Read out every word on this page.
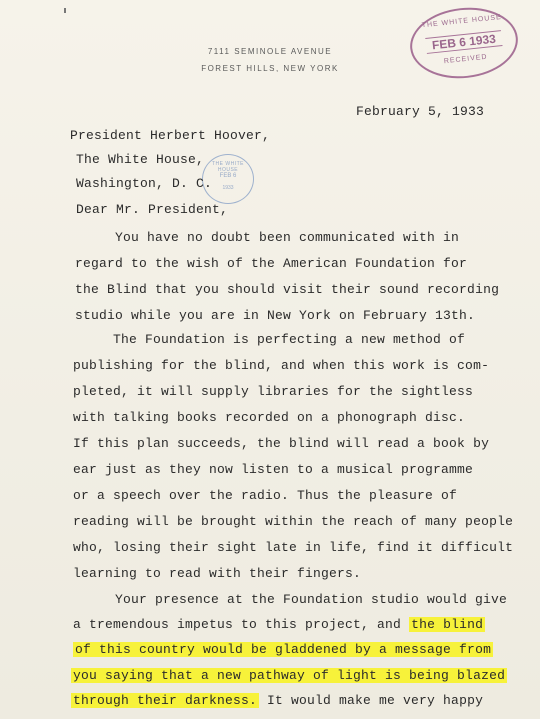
7111 SEMINOLE AVENUE
FOREST HILLS, NEW YORK
THE WHITE HOUSE
FEB 6 1933
RECEIVED
THE WHITE HOUSE
FEB 6
1933
February 5, 1933
President Herbert Hoover,
The White House,
Washington, D. C.
Dear Mr. President,
You have no doubt been communicated with in
regard to the wish of the American Foundation for
the Blind that you should visit their sound recording
studio while you are in New York on February 13th.
The Foundation is perfecting a new method of
publishing for the blind, and when this work is com-
pleted, it will supply libraries for the sightless
with talking books recorded on a phonograph disc.
If this plan succeeds, the blind will read a book by
ear just as they now listen to a musical programme
or a speech over the radio. Thus the pleasure of
reading will be brought within the reach of many people
who, losing their sight late in life, find it difficult
learning to read with their fingers.
Your presence at the Foundation studio would give
a tremendous impetus to this project, and the blind
of this country would be gladdened by a message from
you saying that a new pathway of light is being blazed
through their darkness. It would make me very happy
